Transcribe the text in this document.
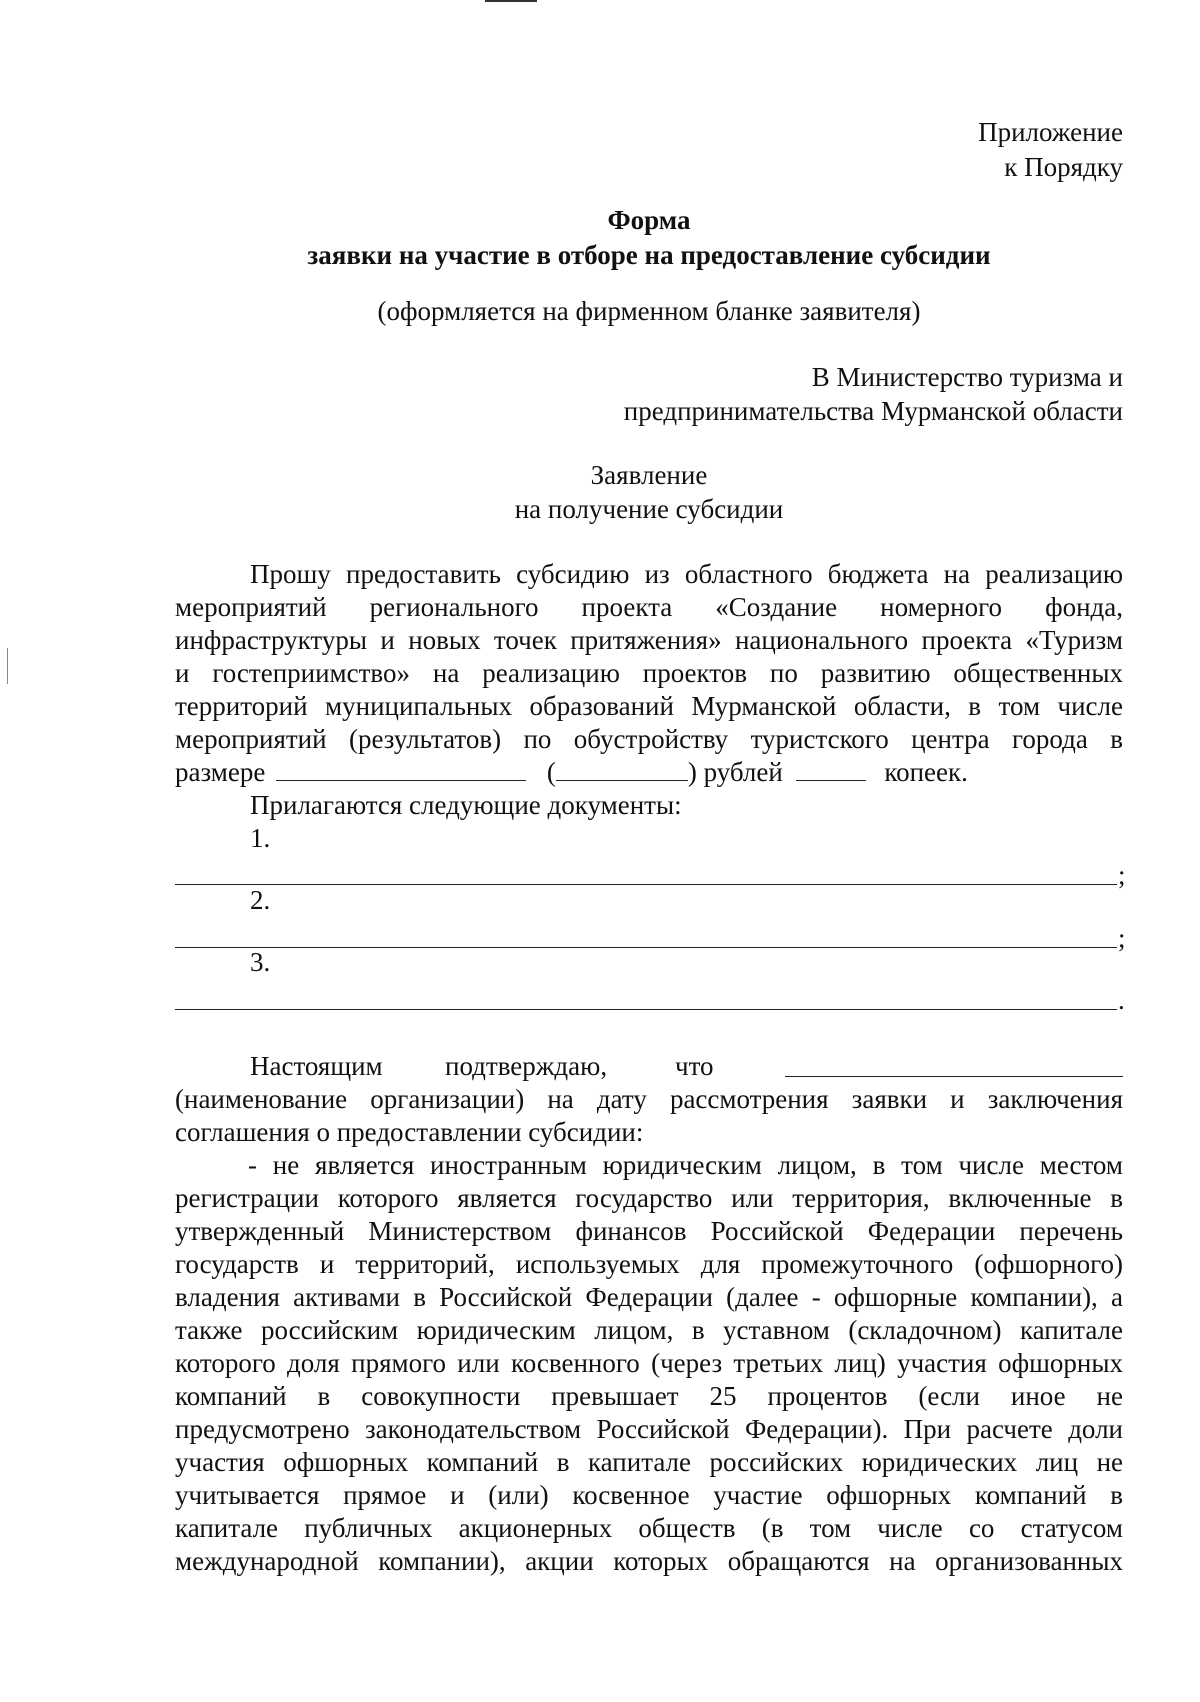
Приложение
к Порядку
Форма
заявки на участие в отборе на предоставление субсидии
(оформляется на фирменном бланке заявителя)
В Министерство туризма и
предпринимательства Мурманской области
Заявление
на получение субсидии
Прошу предоставить субсидию из областного бюджета на реализацию
мероприятий регионального проекта «Создание номерного фонда,
инфраструктуры и новых точек притяжения» национального проекта «Туризм
и гостеприимство» на реализацию проектов по развитию общественных
территорий муниципальных образований Мурманской области, в том числе
мероприятий (результатов) по обустройству туристского центра города в
размере	(	) рублей	копеек.
Прилагаются следующие документы:
1.
;
2.
;
3.
.
Настоящим подтверждаю,	что
(наименование организации) на дату рассмотрения заявки и заключения
соглашения о предоставлении субсидии:
- не является иностранным юридическим лицом, в том числе местом
регистрации которого является государство или территория, включенные в
утвержденный Министерством финансов Российской Федерации перечень
государств и территорий, используемых для промежуточного (офшорного)
владения активами в Российской Федерации (далее - офшорные компании), а
также российским юридическим лицом, в уставном (складочном) капитале
которого доля прямого или косвенного (через третьих лиц) участия офшорных
компаний в совокупности превышает 25 процентов (если иное не
предусмотрено законодательством Российской Федерации). При расчете доли
участия офшорных компаний в капитале российских юридических лиц не
учитывается прямое и (или) косвенное участие офшорных компаний в
капитале публичных акционерных обществ (в том числе со статусом
международной компании), акции которых обращаются на организованных
